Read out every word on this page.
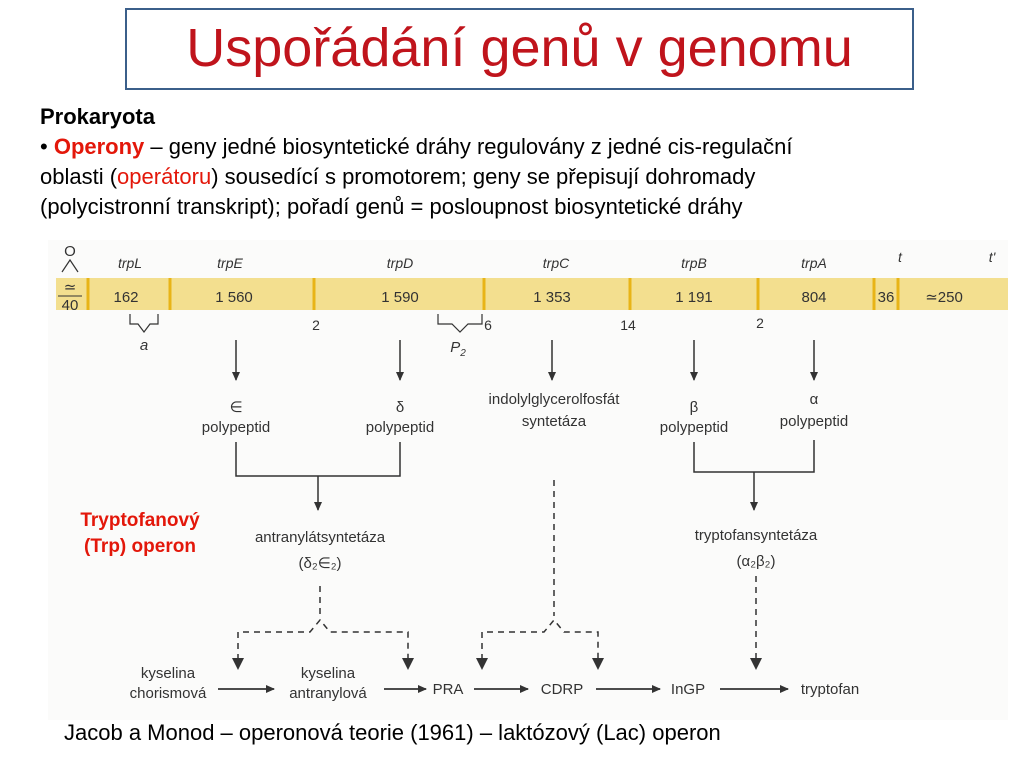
Uspořádání genů v genomu
Prokaryota
• Operony – geny jedné biosyntetické dráhy regulovány z jedné cis-regulační
oblasti (operátoru) sousedící s promotorem; geny se přepisují dohromady
(polycistronní transkript); pořadí genů = posloupnost biosyntetické dráhy
O
≃
40
trpL	trpE	trpD	trpC	trpB	trpA	t	t'
162	1 560	1 590	1 353	1 191	804	36 ≃250
2	6	14	2
a	$P_2$
∈
polypeptid
δ
polypeptid
indolylglycerolfosfát
syntetáza
β
polypeptid
α
polypeptid
antranylátsyntetáza
(δ₂∈₂)
tryptofansyntetáza
(α₂β₂)
kyselina
chorismová
kyselina
antranylová	PRA	CDRP	InGP	tryptofan
Tryptofanový
(Trp) operon
Jacob a Monod – operonová teorie (1961) – laktózový (Lac) operon
